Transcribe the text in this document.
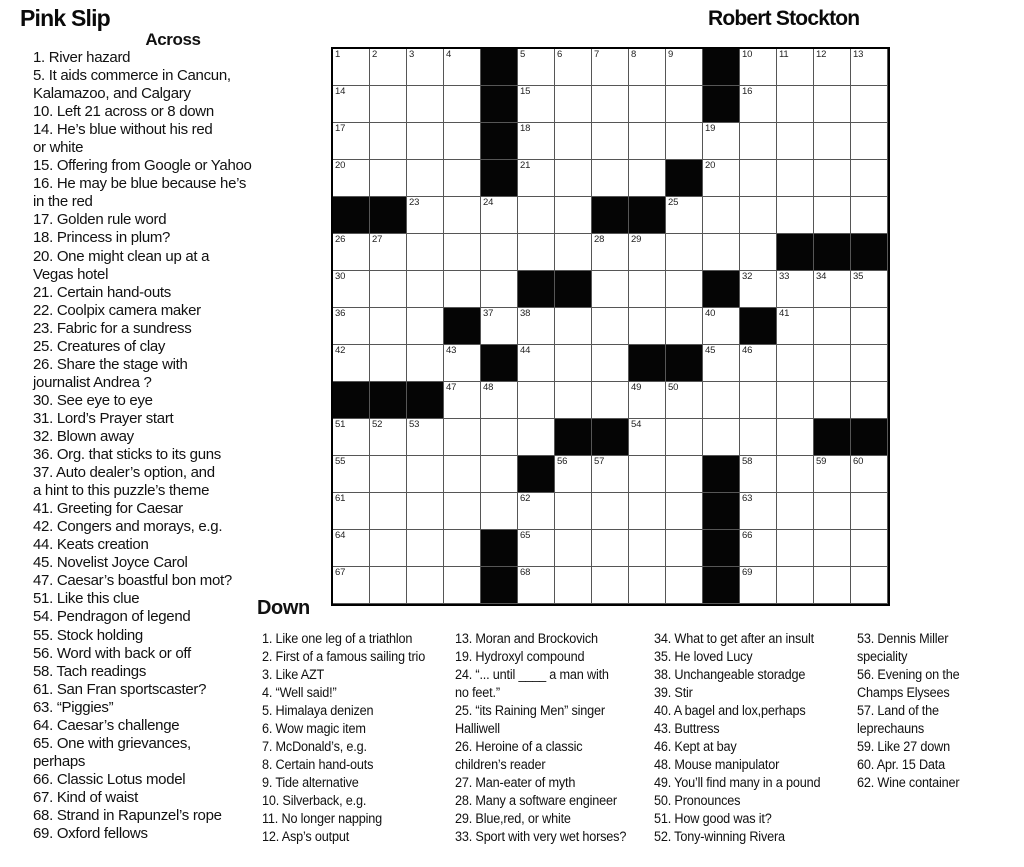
Pink Slip	Robert Stockton
Across
1. River hazard
5. It aids commerce in Cancun,
Kalamazoo, and Calgary
10. Left 21 across or 8 down
14. He’s blue without his red
or white
15. Offering from Google or Yahoo
16. He may be blue because he’s
in the red
17. Golden rule word
18. Princess in plum?
20. One might clean up at a
Vegas hotel
21. Certain hand-outs
22. Coolpix camera maker
23. Fabric for a sundress
25. Creatures of clay
26. Share the stage with
journalist Andrea ?
30. See eye to eye
31. Lord’s Prayer start
32. Blown away
36. Org. that sticks to its guns
37. Auto dealer’s option, and
a hint to this puzzle’s theme
41. Greeting for Caesar
42. Congers and morays, e.g.
44. Keats creation
45. Novelist Joyce Carol
47. Caesar’s boastful bon mot?
51. Like this clue
54. Pendragon of legend
55. Stock holding
56. Word with back or off
58. Tach readings
61. San Fran sportscaster?
63. “Piggies”
64. Caesar’s challenge
65. One with grievances,
perhaps
66. Classic Lotus model
67. Kind of waist
68. Strand in Rapunzel’s rope
69. Oxford fellows
1	2	3	4	5	6	7	8	9	10	11	12	13
14	15	16
17	18	19
20	21	20
23	24	25
26	27	28	29
30	32	33	34	35
36	37	38	40	41
42	43	44	45	46
47	48	49	50
51	52	53	54
55	56	57	58	59	60
61	62	63
64	65	66
67	68	69
Down
1. Like one leg of a triathlon
2. First of a famous sailing trio
3. Like AZT
4. “Well said!”
5. Himalaya denizen
6. Wow magic item
7. McDonald’s, e.g.
8. Certain hand-outs
9. Tide alternative
10. Silverback, e.g.
11. No longer napping
12. Asp’s output
13. Moran and Brockovich
19. Hydroxyl compound
24. “... until ____ a man with
no feet.”
25. “its Raining Men” singer
Halliwell
26. Heroine of a classic
children’s reader
27. Man-eater of myth
28. Many a software engineer
29. Blue,red, or white
33. Sport with very wet horses?
34. What to get after an insult
35. He loved Lucy
38. Unchangeable storadge
39. Stir
40. A bagel and lox,perhaps
43. Buttress
46. Kept at bay
48. Mouse manipulator
49. You’ll find many in a pound
50. Pronounces
51. How good was it?
52. Tony-winning Rivera
53. Dennis Miller
speciality
56. Evening on the
Champs Elysees
57. Land of the
leprechauns
59. Like 27 down
60. Apr. 15 Data
62. Wine container
